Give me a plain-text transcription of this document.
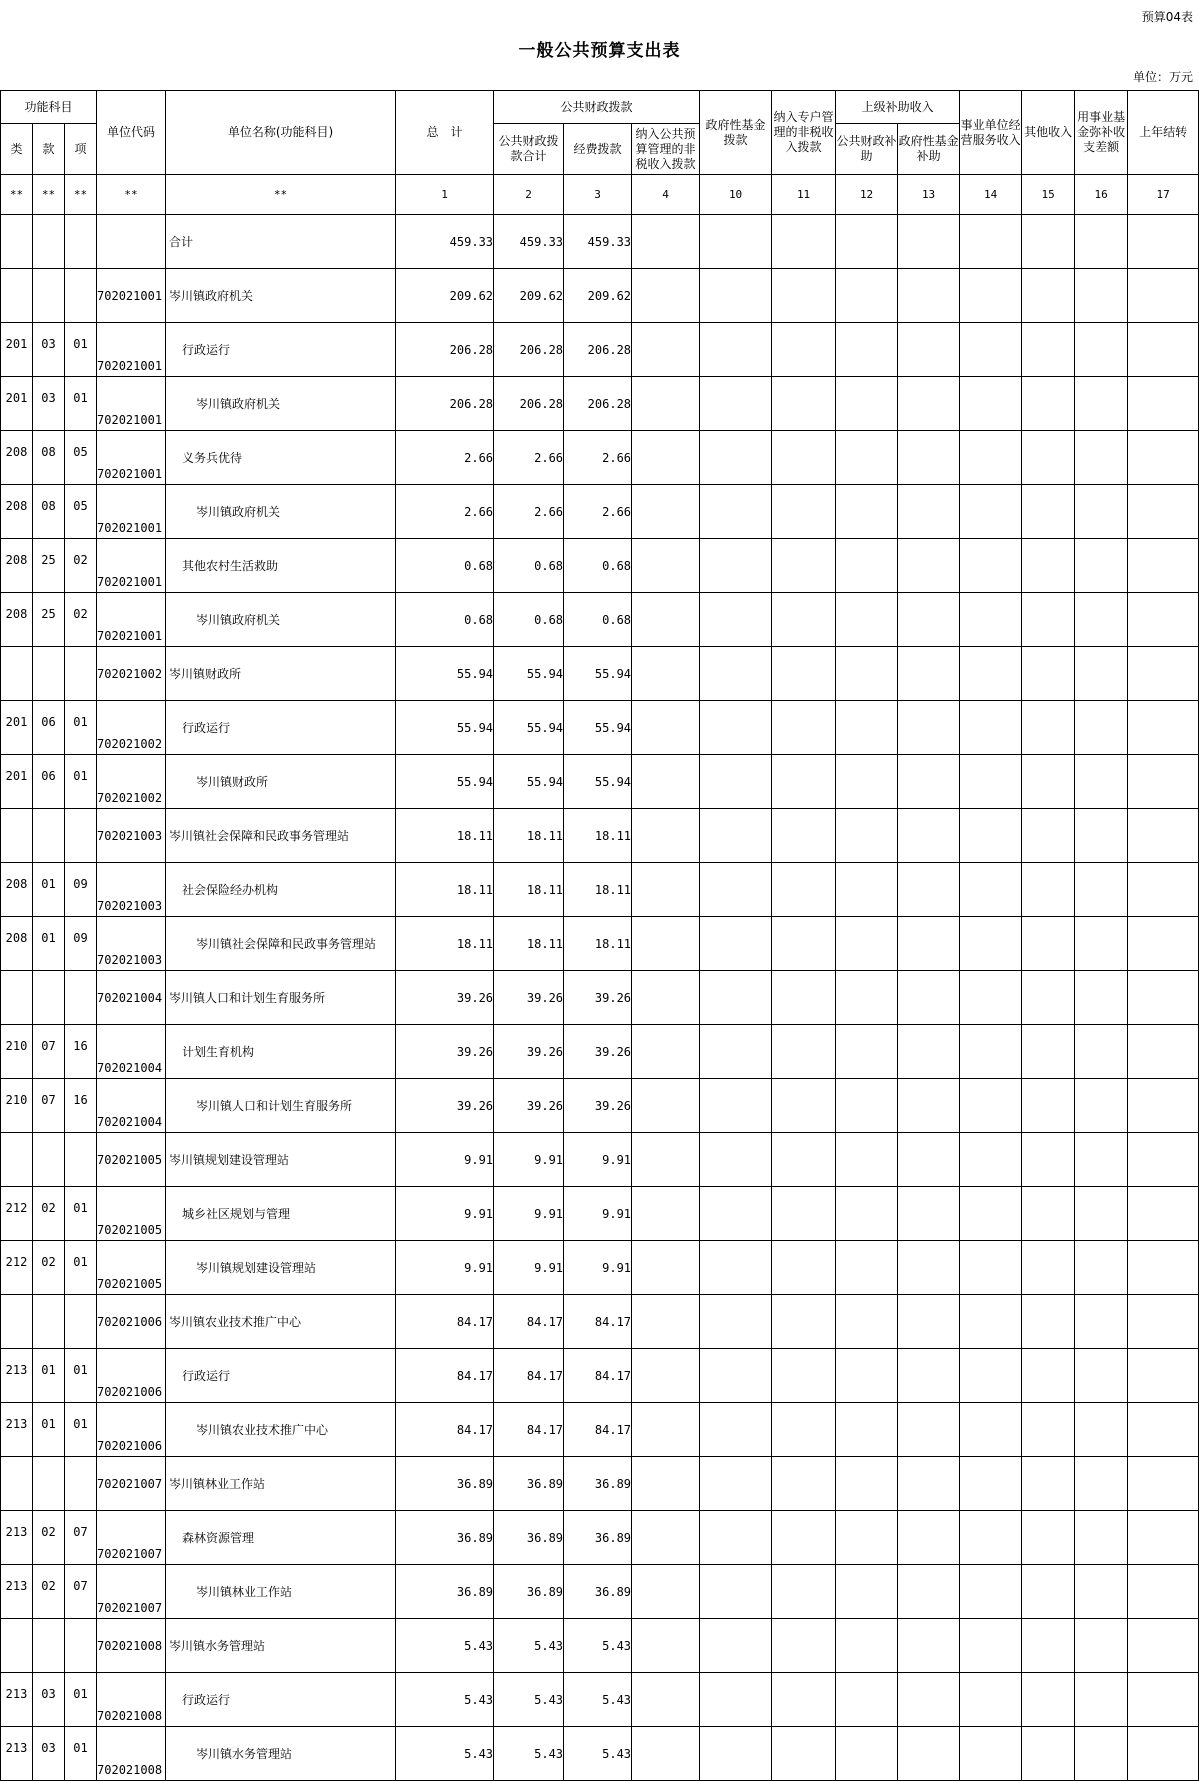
预算04表
一般公共预算支出表
单位：万元
功能科目			单位代码	单位名称(功能科目)	总　计	公共财政拨款			政府性基金拨款	纳入专户管理的非税收入拨款	上级补助收入		事业单位经营服务收入	其他收入	用事业基金弥补收支差额	上年结转
						公共财政拨款合计	经费拨款	纳入公共预算管理的非税收入拨款								
类	款	项									公共财政补助	政府性基金补助				
**	**	**	**	**	1	2	3	4	10	11	12	13	14	15	16	17
				合计	459.33	459.33	459.33									
			702021001	岑川镇政府机关	209.62	209.62	209.62									
201	03	01	702021001	行政运行	206.28	206.28	206.28									
201	03	01	702021001	岑川镇政府机关	206.28	206.28	206.28									
208	08	05	702021001	义务兵优待	2.66	2.66	2.66									
208	08	05	702021001	岑川镇政府机关	2.66	2.66	2.66									
208	25	02	702021001	其他农村生活救助	0.68	0.68	0.68									
208	25	02	702021001	岑川镇政府机关	0.68	0.68	0.68									
			702021002	岑川镇财政所	55.94	55.94	55.94									
201	06	01	702021002	行政运行	55.94	55.94	55.94									
201	06	01	702021002	岑川镇财政所	55.94	55.94	55.94									
			702021003	岑川镇社会保障和民政事务管理站	18.11	18.11	18.11									
208	01	09	702021003	社会保险经办机构	18.11	18.11	18.11									
208	01	09	702021003	岑川镇社会保障和民政事务管理站	18.11	18.11	18.11									
			702021004	岑川镇人口和计划生育服务所	39.26	39.26	39.26									
210	07	16	702021004	计划生育机构	39.26	39.26	39.26									
210	07	16	702021004	岑川镇人口和计划生育服务所	39.26	39.26	39.26									
			702021005	岑川镇规划建设管理站	9.91	9.91	9.91									
212	02	01	702021005	城乡社区规划与管理	9.91	9.91	9.91									
212	02	01	702021005	岑川镇规划建设管理站	9.91	9.91	9.91									
			702021006	岑川镇农业技术推广中心	84.17	84.17	84.17									
213	01	01	702021006	行政运行	84.17	84.17	84.17									
213	01	01	702021006	岑川镇农业技术推广中心	84.17	84.17	84.17									
			702021007	岑川镇林业工作站	36.89	36.89	36.89									
213	02	07	702021007	森林资源管理	36.89	36.89	36.89									
213	02	07	702021007	岑川镇林业工作站	36.89	36.89	36.89									
			702021008	岑川镇水务管理站	5.43	5.43	5.43									
213	03	01	702021008	行政运行	5.43	5.43	5.43									
213	03	01	702021008	岑川镇水务管理站	5.43	5.43	5.43									
